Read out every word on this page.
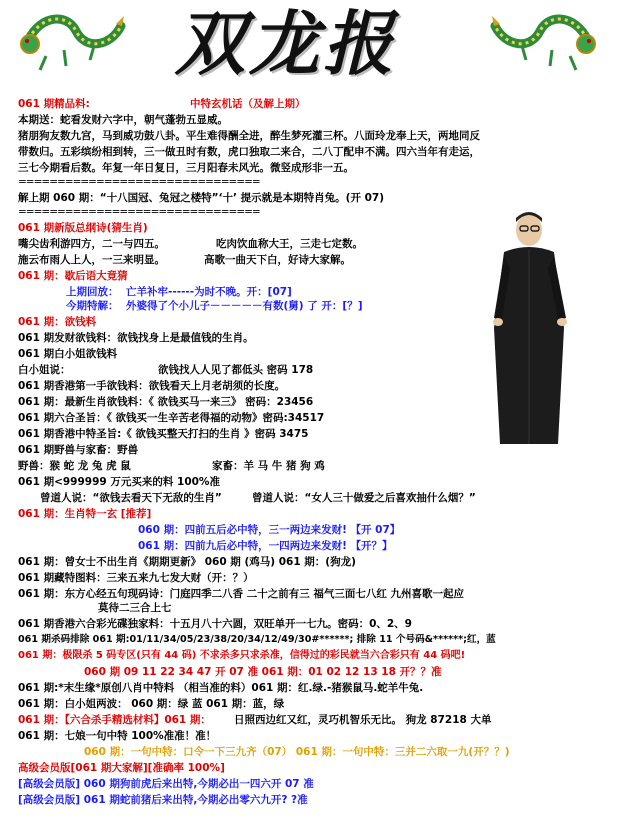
双龙报
061 期精品料:	中特玄机话（及解上期）
本期送：蛇看发财六字中，朝气蓬勃五显威。
猪朋狗友数九宫，马到威功鼓八卦。平生难得酬全进，醉生梦死灌三杯。八面玲龙奉上天，两地同反
带数归。五彩缤纷相到转，三一做丑时有数，虎口独取二来合，二八丁配申不满。四六当年有走运，
三七今期看后数。年复一年日复日，三月阳春未风光。微竖成形非一五。
===============================
解上期 060 期：“十八国冠、兔冠之楼特”‘十’ 提示就是本期特肖兔。(开 07)
===============================
061 期新版总纲诗(猜生肖)
嘴尖齿利游四方，二一与四五。	吃肉饮血称大王，三走七定数。
施云布雨人上人，一三来明显。	高歌一曲天下白，好诗大家解。
061 期：歇后语大竟猜
上期回放： 亡羊补牢------为时不晚。开：[07]
今期特解： 外婆得了个小儿子－－－－－有数(舅) 了 开：[？]
061 期：欲钱料
061 期发财欲钱料：欲钱找身上是最值钱的生肖。
061 期白小姐欲钱料
白小姐说：	欲钱找人人见了都低头 密码 178
061 期香港第一手欲钱料：欲钱看天上月老胡须的长度。
061 期：最新生肖欲钱料：《 欲钱买马一来三》 密码：23456
061 期六合圣旨：《 欲钱买一生辛苦老得福的动物》密码:34517
061 期香港中特圣旨:《 欲钱买整天打扫的生肖 》密码 3475
061 期野兽与家畜：野兽
野兽：猴 蛇 龙 兔 虎 鼠	家畜：羊 马 牛 猪 狗 鸡
061 期<999999 万元买来的料 100%准
曾道人说：“欲钱去看天下无敌的生肖”	曾道人说：“女人三十做爱之后喜欢抽什么烟？”
061 期：生肖特一玄 [推荐]
060 期：四前五后必中特，三一两边来发财! 【开 07】
061 期：四前九后必中特，一四两边来发财! 【开？】
061 期：曾女士不出生肖《期期更新》 060 期 (鸡马) 061 期：(狗龙)
061 期藏特图料：三来五来九七发大财（开：？）
061 期：东方心经五句现码诗：门庭四季二八香 二十之前有三 福气三面七八红 九州喜歌一起应
莫待二三合上七
061 期香港六合彩光碟独家料：十五月八十六圆，双旺单开一七九。密码：0、2、9
061 期杀码排除 061 期:01/11/34/05/23/38/20/34/12/49/30#******; 排除 11 个号码&******;红，蓝
061 期：极限杀 5 码专区(只有 44 码) 不求杀多只求杀准，信得过的彩民就当六合彩只有 44 码吧!
060 期 09 11 22 34 47 开 07 准 061 期：01 02 12 13 18 开？？准
061 期:*末生缘*原创八肖中特料 （相当准的料）061 期：红.绿.-猪猴鼠马.蛇羊牛兔.
061 期：白小姐两波： 060 期：绿 蓝 061 期：蓝，绿
061 期：【六合杀手精选材料】061 期： 日照西边红又红，灵巧机智乐无比。 狗龙 87218 大单
061 期：七娘一句中特 100%准准！准！
060 期：一句中特：口令一下三九齐（07） 061 期：一句中特：三并二六取一九(开？？)
高级会员版[061 期大家解][准确率 100%]
[高级会员版] 060 期狗前虎后来出特,今期必出一四六开 07 准
[高级会员版] 061 期蛇前猪后来出特,今期必出零六九开? ?准
